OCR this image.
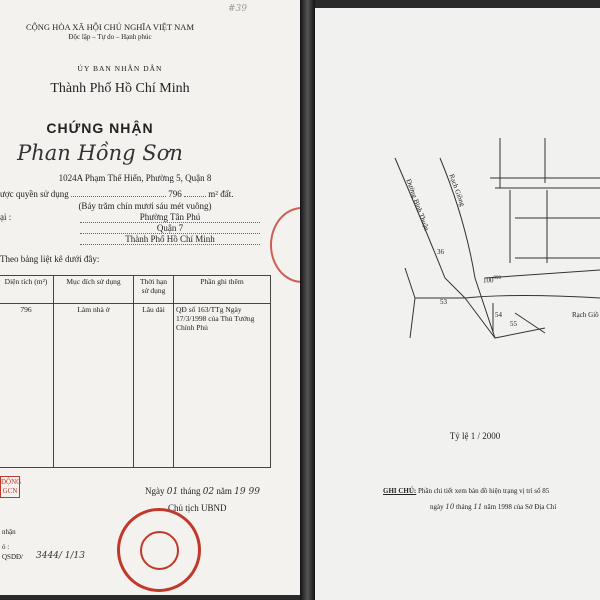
#39
CỘNG HÒA XÃ HỘI CHỦ NGHĨA VIỆT NAM
Độc lập – Tự do – Hạnh phúc
ỦY BAN NHÂN DÂN
Thành Phố Hồ Chí Minh
CHỨNG NHẬN
Phan Hồng Sơn
1024A Phạm Thế Hiển, Phường 5, Quận 8
ược quyền sử dụng	796	m² đất.
(Bảy trăm chín mươi sáu mét vuông)
ại :	Phường Tân Phú
Quận 7
Thành Phố Hồ Chí Minh
Theo bảng liệt kê dưới đây:
Diện tích (m²)	Mục đích sử dụng	Thời hạn sử dụng	Phần ghi thêm
796	Làm nhà ở	Lâu dài	QĐ số 163/TTg Ngày 17/3/1998 của Thủ Tướng Chính Phủ
ĐỘNG
GCN	Ngày 01 tháng 02 năm 19 99
Chủ tịch UBND
nhận
ó :
QSDĐ/ 3444/ 1/13
Đường Bình Thuận Rạch Giồng
Rạch Giồ
36
53
54
55
$100^{990}$
Tỷ lệ 1 / 2000
GHI CHÚ: Phần chi tiết xem bản đồ hiện trạng vị trí số 85
ngày 10 tháng 11 năm 1998 của Sở Địa Chí
